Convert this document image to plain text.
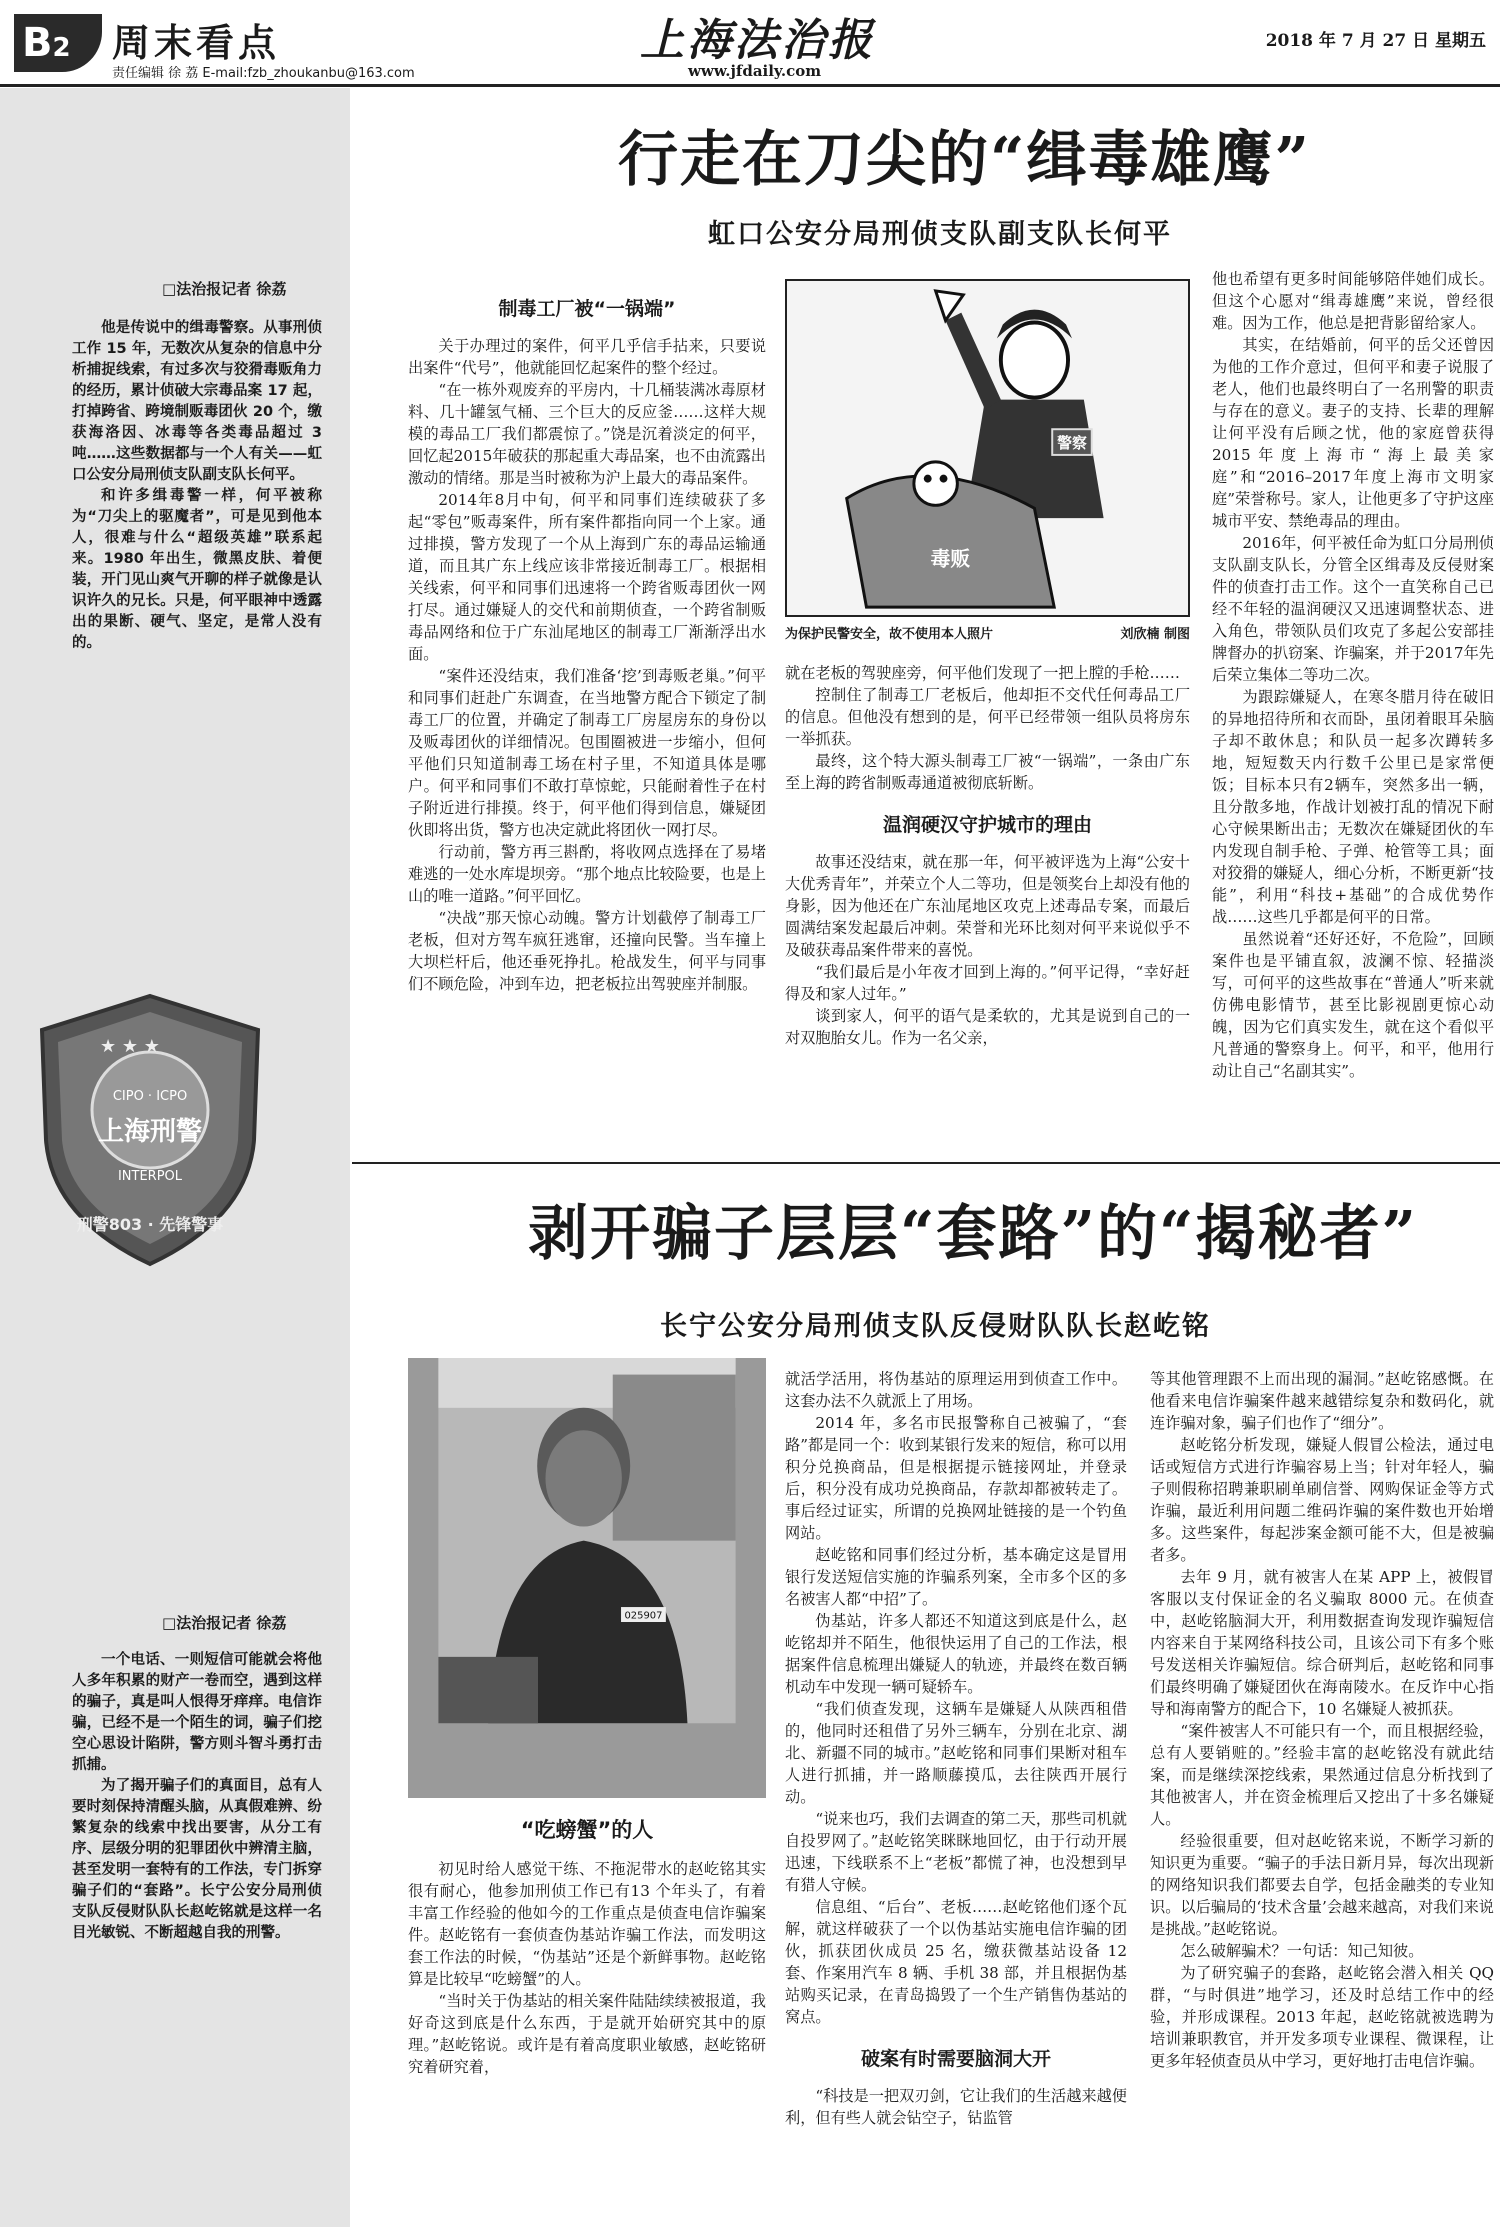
B2	周末看点
责任编辑 徐 荔 E-mail:fzb_zhoukanbu@163.com
上海法治报
www.jfdaily.com
2018 年 7 月 27 日 星期五
□ 法治报记者 徐荔

他是传说中的缉毒警察。从事刑侦工作 15 年，无数次从复杂的信息中分析捕捉线索，有过多次与狡猾毒贩角力的经历，累计侦破大宗毒品案 17 起，打掉跨省、跨境制贩毒团伙 20 个，缴获海洛因、冰毒等各类毒品超过 3 吨……这些数据都与一个人有关——虹口公安分局刑侦支队副支队长何平。

和许多缉毒警一样，何平被称为“刀尖上的驱魔者”，可是见到他本人，很难与什么“超级英雄”联系起来。1980 年出生，微黑皮肤、着便装，开门见山爽气开聊的样子就像是认识许久的兄长。只是，何平眼神中透露出的果断、硬气、坚定，是常人没有的。

★ ★ ★
CIPO · ICPO
上海刑警
INTERPOL
刑警803 · 先锋警事
□ 法治报记者 徐荔

一个电话、一则短信可能就会将他人多年积累的财产一卷而空，遇到这样的骗子，真是叫人恨得牙痒痒。电信诈骗，已经不是一个陌生的词，骗子们挖空心思设计陷阱，警方则斗智斗勇打击抓捕。

为了揭开骗子们的真面目，总有人要时刻保持清醒头脑，从真假难辨、纷繁复杂的线索中找出要害，从分工有序、层级分明的犯罪团伙中辨清主脑，甚至发明一套特有的工作法，专门拆穿骗子们的“套路”。长宁公安分局刑侦支队反侵财队队长赵屹铭就是这样一名目光敏锐、不断超越自我的刑警。

行走在刀尖的“缉毒雄鹰”
虹口公安分局刑侦支队副支队长何平
制毒工厂被“一锅端”

关于办理过的案件，何平几乎信手拈来，只要说出案件“代号”，他就能回忆起案件的整个经过。

“在一栋外观废弃的平房内，十几桶装满冰毒原材料、几十罐氢气桶、三个巨大的反应釜……这样大规模的毒品工厂我们都震惊了。”饶是沉着淡定的何平，回忆起2015年破获的那起重大毒品案，也不由流露出激动的情绪。那是当时被称为沪上最大的毒品案件。

2014年8月中旬，何平和同事们连续破获了多起“零包”贩毒案件，所有案件都指向同一个上家。通过排摸，警方发现了一个从上海到广东的毒品运输通道，而且其广东上线应该非常接近制毒工厂。根据相关线索，何平和同事们迅速将一个跨省贩毒团伙一网打尽。通过嫌疑人的交代和前期侦查，一个跨省制贩毒品网络和位于广东汕尾地区的制毒工厂渐渐浮出水面。

“案件还没结束，我们准备‘挖’到毒贩老巢。”何平和同事们赶赴广东调查，在当地警方配合下锁定了制毒工厂的位置，并确定了制毒工厂房屋房东的身份以及贩毒团伙的详细情况。包围圈被进一步缩小，但何平他们只知道制毒工场在村子里，不知道具体是哪户。何平和同事们不敢打草惊蛇，只能耐着性子在村子附近进行排摸。终于，何平他们得到信息，嫌疑团伙即将出货，警方也决定就此将团伙一网打尽。

行动前，警方再三斟酌，将收网点选择在了易堵难逃的一处水库堤坝旁。“那个地点比较险要，也是上山的唯一道路。”何平回忆。

“决战”那天惊心动魄。警方计划截停了制毒工厂老板，但对方驾车疯狂逃窜，还撞向民警。当车撞上大坝栏杆后，他还垂死挣扎。枪战发生，何平与同事们不顾危险，冲到车边，把老板拉出驾驶座并制服。

警察
毒贩
刘欣楠 制图
为保护民警安全，故不使用本人照片

就在老板的驾驶座旁，何平他们发现了一把上膛的手枪……

控制住了制毒工厂老板后，他却拒不交代任何毒品工厂的信息。但他没有想到的是，何平已经带领一组队员将房东一举抓获。

最终，这个特大源头制毒工厂被“一锅端”，一条由广东至上海的跨省制贩毒通道被彻底斩断。

温润硬汉守护城市的理由

故事还没结束，就在那一年，何平被评选为上海“公安十大优秀青年”，并荣立个人二等功，但是领奖台上却没有他的身影，因为他还在广东汕尾地区攻克上述毒品专案，而最后圆满结案发起最后冲刺。荣誉和光环比刻对何平来说似乎不及破获毒品案件带来的喜悦。

“我们最后是小年夜才回到上海的。”何平记得，“幸好赶得及和家人过年。”

谈到家人，何平的语气是柔软的，尤其是说到自己的一对双胞胎女儿。作为一名父亲，

他也希望有更多时间能够陪伴她们成长。但这个心愿对“缉毒雄鹰”来说，曾经很难。因为工作，他总是把背影留给家人。

其实，在结婚前，何平的岳父还曾因为他的工作介意过，但何平和妻子说服了老人，他们也最终明白了一名刑警的职责与存在的意义。妻子的支持、长辈的理解让何平没有后顾之忧，他的家庭曾获得2015年度上海市“海上最美家庭”和“2016–2017年度上海市文明家庭”荣誉称号。家人，让他更多了守护这座城市平安、禁绝毒品的理由。

2016年，何平被任命为虹口分局刑侦支队副支队长，分管全区缉毒及反侵财案件的侦查打击工作。这个一直笑称自己已经不年轻的温润硬汉又迅速调整状态、进入角色，带领队员们攻克了多起公安部挂牌督办的扒窃案、诈骗案，并于2017年先后荣立集体二等功二次。

为跟踪嫌疑人，在寒冬腊月待在破旧的异地招待所和衣而卧，虽闭着眼耳朵脑子却不敢休息；和队员一起多次蹲转多地，短短数天内行数千公里已是家常便饭；目标本只有2辆车，突然多出一辆，且分散多地，作战计划被打乱的情况下耐心守候果断出击；无数次在嫌疑团伙的车内发现自制手枪、子弹、枪管等工具；面对狡猾的嫌疑人，细心分析，不断更新“技能”，利用“科技+基础”的合成优势作战……这些几乎都是何平的日常。

虽然说着“还好还好，不危险”，回顾案件也是平铺直叙，波澜不惊、轻描淡写，可何平的这些故事在“普通人”听来就仿佛电影情节，甚至比影视剧更惊心动魄，因为它们真实发生，就在这个看似平凡普通的警察身上。何平，和平，他用行动让自己“名副其实”。

剥开骗子层层“套路”的“揭秘者”
长宁公安分局刑侦支队反侵财队队长赵屹铭
025907
“吃螃蟹”的人

初见时给人感觉干练、不拖泥带水的赵屹铭其实很有耐心，他参加刑侦工作已有13 个年头了，有着丰富工作经验的他如今的工作重点是侦查电信诈骗案件。赵屹铭有一套侦查伪基站诈骗工作法，而发明这套工作法的时候，“伪基站”还是个新鲜事物。赵屹铭算是比较早“吃螃蟹”的人。

“当时关于伪基站的相关案件陆陆续续被报道，我好奇这到底是什么东西，于是就开始研究其中的原理。”赵屹铭说。或许是有着高度职业敏感，赵屹铭研究着研究着，

就活学活用，将伪基站的原理运用到侦查工作中。这套办法不久就派上了用场。

2014 年，多名市民报警称自己被骗了，“套路”都是同一个：收到某银行发来的短信，称可以用积分兑换商品，但是根据提示链接网址，并登录后，积分没有成功兑换商品，存款却都被转走了。事后经过证实，所谓的兑换网址链接的是一个钓鱼网站。

赵屹铭和同事们经过分析，基本确定这是冒用银行发送短信实施的诈骗系列案，全市多个区的多名被害人都“中招”了。

伪基站，许多人都还不知道这到底是什么，赵屹铭却并不陌生，他很快运用了自己的工作法，根据案件信息梳理出嫌疑人的轨迹，并最终在数百辆机动车中发现一辆可疑轿车。

“我们侦查发现，这辆车是嫌疑人从陕西租借的，他同时还租借了另外三辆车，分别在北京、湖北、新疆不同的城市。”赵屹铭和同事们果断对租车人进行抓捕，并一路顺藤摸瓜，去往陕西开展行动。

“说来也巧，我们去调查的第二天，那些司机就自投罗网了。”赵屹铭笑眯眯地回忆，由于行动开展迅速，下线联系不上“老板”都慌了神，也没想到早有猎人守候。

信息组、“后台”、老板……赵屹铭他们逐个瓦解，就这样破获了一个以伪基站实施电信诈骗的团伙，抓获团伙成员 25 名，缴获微基站设备 12 套、作案用汽车 8 辆、手机 38 部，并且根据伪基站购买记录，在青岛捣毁了一个生产销售伪基站的窝点。

破案有时需要脑洞大开

“科技是一把双刃剑，它让我们的生活越来越便利，但有些人就会钻空子，钻监管

等其他管理跟不上而出现的漏洞。”赵屹铭感慨。在他看来电信诈骗案件越来越错综复杂和数码化，就连诈骗对象，骗子们也作了“细分”。

赵屹铭分析发现，嫌疑人假冒公检法，通过电话或短信方式进行诈骗容易上当；针对年轻人，骗子则假称招聘兼职刷单刷信誉、网购保证金等方式诈骗，最近利用问题二维码诈骗的案件数也开始增多。这些案件，每起涉案金额可能不大，但是被骗者多。

去年 9 月，就有被害人在某 APP 上，被假冒客服以支付保证金的名义骗取 8000 元。在侦查中，赵屹铭脑洞大开，利用数据查询发现诈骗短信内容来自于某网络科技公司，且该公司下有多个账号发送相关诈骗短信。综合研判后，赵屹铭和同事们最终明确了嫌疑团伙在海南陵水。在反诈中心指导和海南警方的配合下，10 名嫌疑人被抓获。

“案件被害人不可能只有一个，而且根据经验，总有人要销赃的。”经验丰富的赵屹铭没有就此结案，而是继续深挖线索，果然通过信息分析找到了其他被害人，并在资金梳理后又挖出了十多名嫌疑人。

经验很重要，但对赵屹铭来说，不断学习新的知识更为重要。“骗子的手法日新月异，每次出现新的网络知识我们都要去自学，包括金融类的专业知识。以后骗局的‘技术含量’会越来越高，对我们来说是挑战。”赵屹铭说。

怎么破解骗术？一句话：知己知彼。

为了研究骗子的套路，赵屹铭会潜入相关 QQ 群，“与时俱进”地学习，还及时总结工作中的经验，并形成课程。2013 年起，赵屹铭就被选聘为培训兼职教官，并开发多项专业课程、微课程，让更多年轻侦查员从中学习，更好地打击电信诈骗。
